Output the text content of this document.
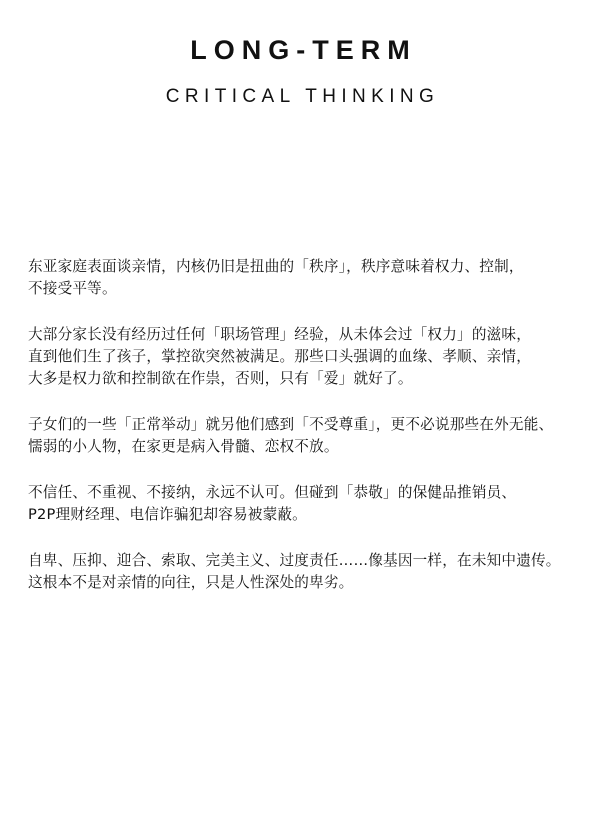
LONG-TERM
CRITICAL THINKING
东亚家庭表面谈亲情，内核仍旧是扭曲的「秩序」，秩序意味着权力、控制，
不接受平等。
大部分家长没有经历过任何「职场管理」经验，从未体会过「权力」的滋味，
直到他们生了孩子，掌控欲突然被满足。那些口头强调的血缘、孝顺、亲情，
大多是权力欲和控制欲在作祟，否则，只有「爱」就好了。
子女们的一些「正常举动」就另他们感到「不受尊重」，更不必说那些在外无能、
懦弱的小人物，在家更是病入骨髓、恋权不放。
不信任、不重视、不接纳，永远不认可。但碰到「恭敬」的保健品推销员、
P2P理财经理、电信诈骗犯却容易被蒙蔽。
自卑、压抑、迎合、索取、完美主义、过度责任……像基因一样，在未知中遗传。
这根本不是对亲情的向往，只是人性深处的卑劣。
